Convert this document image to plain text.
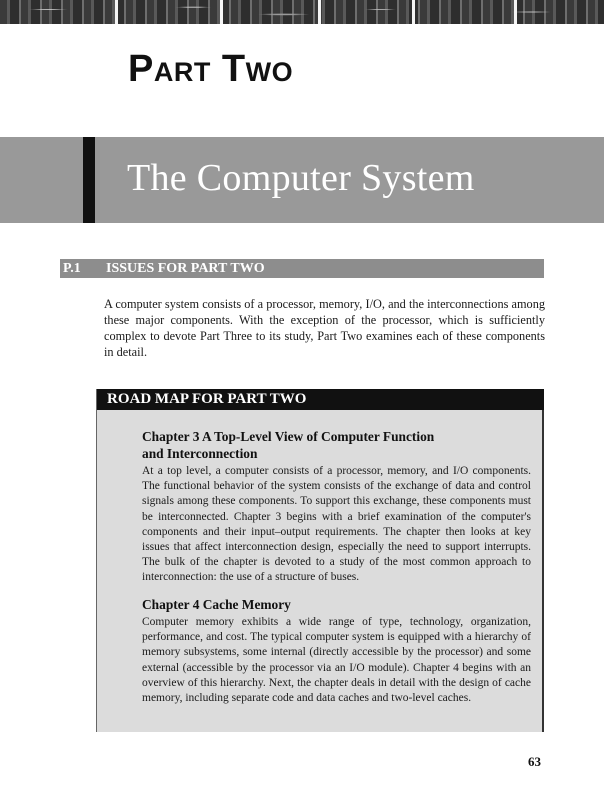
Part Two
The Computer System
P.1	ISSUES FOR PART TWO

A computer system consists of a processor, memory, I/O, and the interconnections among these major components. With the exception of the processor, which is sufficiently complex to devote Part Three to its study, Part Two examines each of these components in detail.

ROAD MAP FOR PART TWO
Chapter 3 A Top-Level View of Computer Function
and Interconnection

At a top level, a computer consists of a processor, memory, and I/O components. The functional behavior of the system consists of the exchange of data and control signals among these components. To support this exchange, these components must be interconnected. Chapter 3 begins with a brief examination of the computer's components and their input–output requirements. The chapter then looks at key issues that affect interconnection design, especially the need to support interrupts. The bulk of the chapter is devoted to a study of the most common approach to interconnection: the use of a structure of buses.

Chapter 4 Cache Memory

Computer memory exhibits a wide range of type, technology, organization, performance, and cost. The typical computer system is equipped with a hierarchy of memory subsystems, some internal (directly accessible by the processor) and some external (accessible by the processor via an I/O module). Chapter 4 begins with an overview of this hierarchy. Next, the chapter deals in detail with the design of cache memory, including separate code and data caches and two-level caches.

63
